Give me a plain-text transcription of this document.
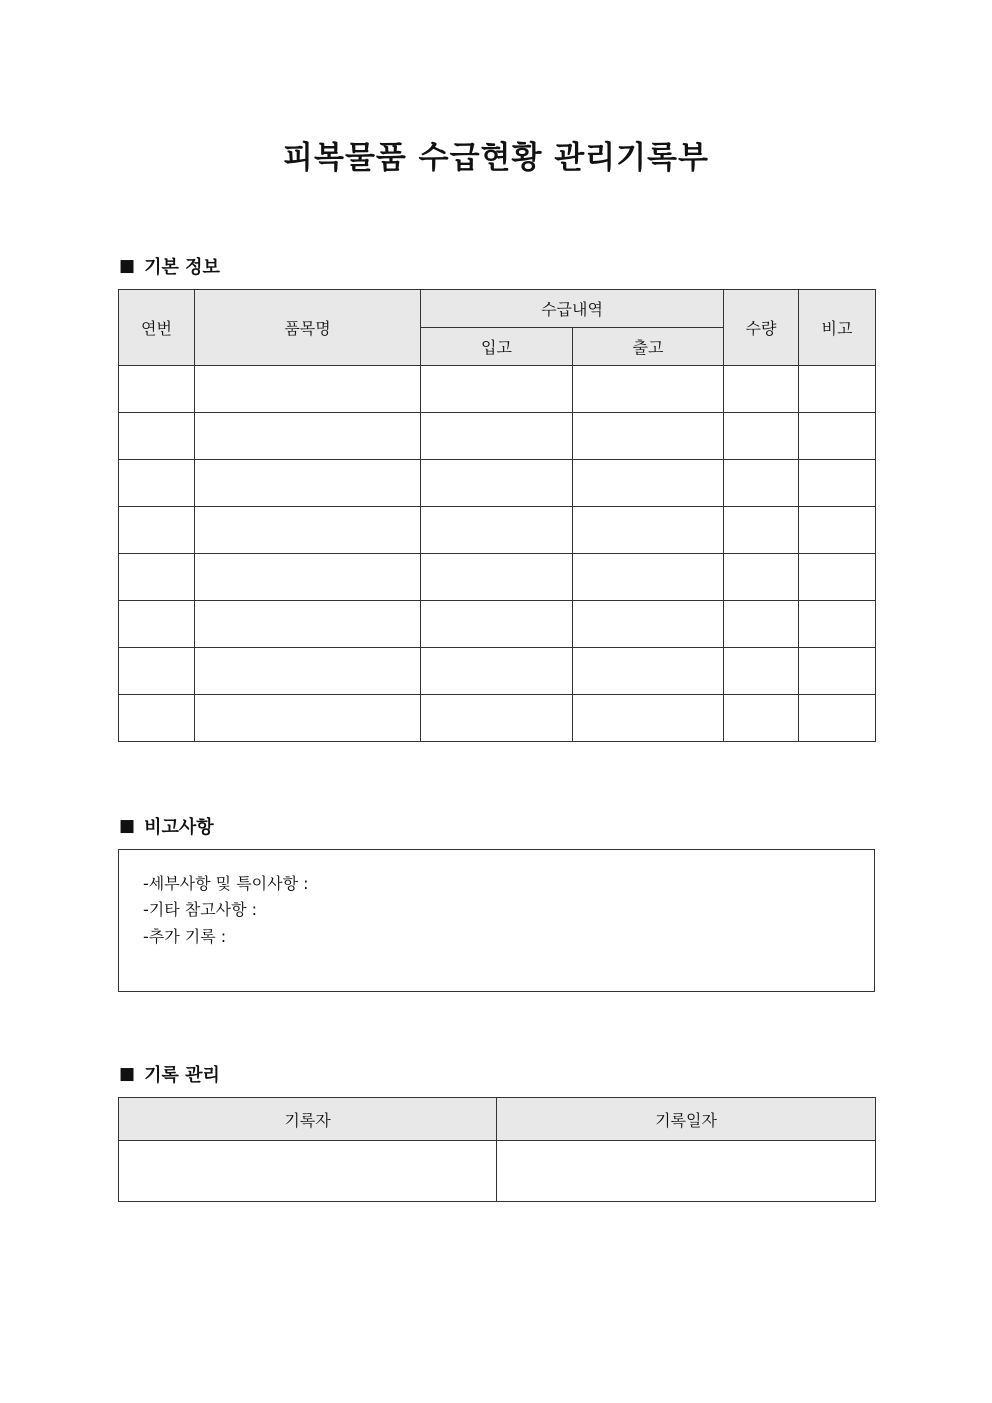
피복물품 수급현황 관리기록부
■ 기본 정보
연번	품목명	수급내역		수량	비고
		입고	출고		

■ 비고사항
-세부사항 및 특이사항 :
-기타 참고사항 :
-추가 기록 :
■ 기록 관리
기록자	기록일자
